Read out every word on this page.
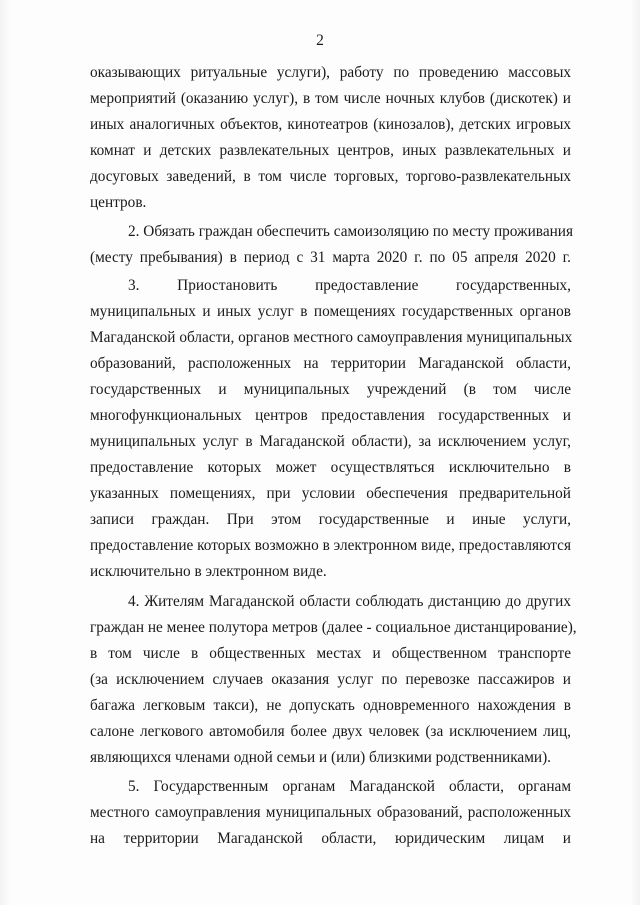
2
оказывающих ритуальные услуги), работу по проведению массовых
мероприятий (оказанию услуг), в том числе ночных клубов (дискотек) и
иных аналогичных объектов, кинотеатров (кинозалов), детских игровых
комнат и детских развлекательных центров, иных развлекательных и
досуговых заведений, в том числе торговых, торгово-развлекательных
центров.
2. Обязать граждан обеспечить самоизоляцию по месту проживания
(месту пребывания) в период с 31 марта 2020 г. по 05 апреля 2020 г.
3. Приостановить предоставление государственных,
муниципальных и иных услуг в помещениях государственных органов
Магаданской области, органов местного самоуправления муниципальных
образований, расположенных на территории Магаданской области,
государственных и муниципальных учреждений (в том числе
многофункциональных центров предоставления государственных и
муниципальных услуг в Магаданской области), за исключением услуг,
предоставление которых может осуществляться исключительно в
указанных помещениях, при условии обеспечения предварительной
записи граждан. При этом государственные и иные услуги,
предоставление которых возможно в электронном виде, предоставляются
исключительно в электронном виде.
4. Жителям Магаданской области соблюдать дистанцию до других
граждан не менее полутора метров (далее - социальное дистанцирование),
в том числе в общественных местах и общественном транспорте
(за исключением случаев оказания услуг по перевозке пассажиров и
багажа легковым такси), не допускать одновременного нахождения в
салоне легкового автомобиля более двух человек (за исключением лиц,
являющихся членами одной семьи и (или) близкими родственниками).
5. Государственным органам Магаданской области, органам
местного самоуправления муниципальных образований, расположенных
на территории Магаданской области, юридическим лицам и
